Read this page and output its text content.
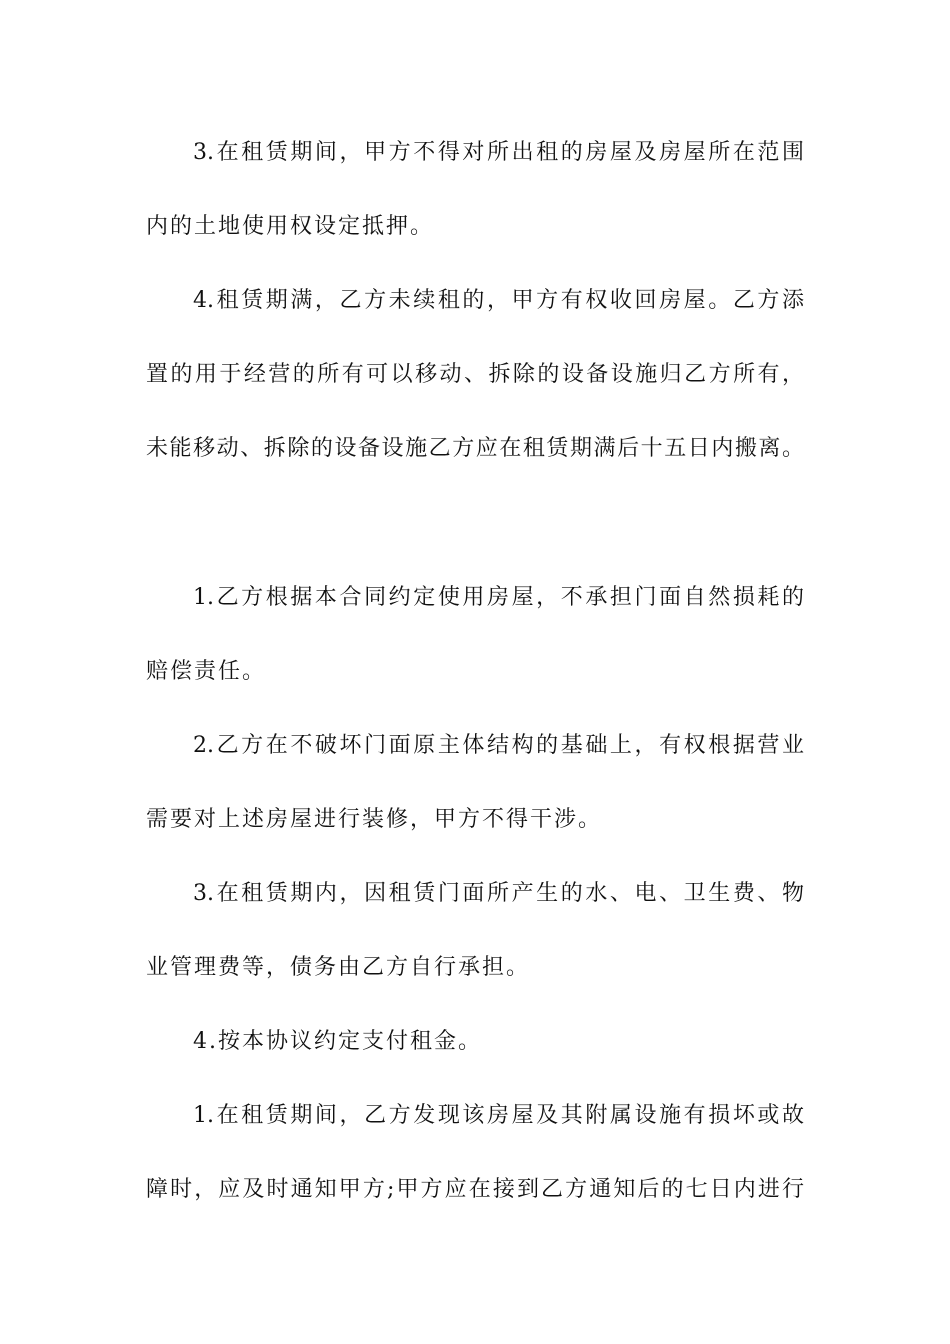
3.在租赁期间，甲方不得对所出租的房屋及房屋所在范围
内的土地使用权设定抵押。
4.租赁期满，乙方未续租的，甲方有权收回房屋。乙方添
置的用于经营的所有可以移动、拆除的设备设施归乙方所有，
未能移动、拆除的设备设施乙方应在租赁期满后十五日内搬离。
1.乙方根据本合同约定使用房屋，不承担门面自然损耗的
赔偿责任。
2.乙方在不破坏门面原主体结构的基础上，有权根据营业
需要对上述房屋进行装修，甲方不得干涉。
3.在租赁期内，因租赁门面所产生的水、电、卫生费、物
业管理费等，债务由乙方自行承担。
4.按本协议约定支付租金。
1.在租赁期间，乙方发现该房屋及其附属设施有损坏或故
障时，应及时通知甲方;甲方应在接到乙方通知后的七日内进行
